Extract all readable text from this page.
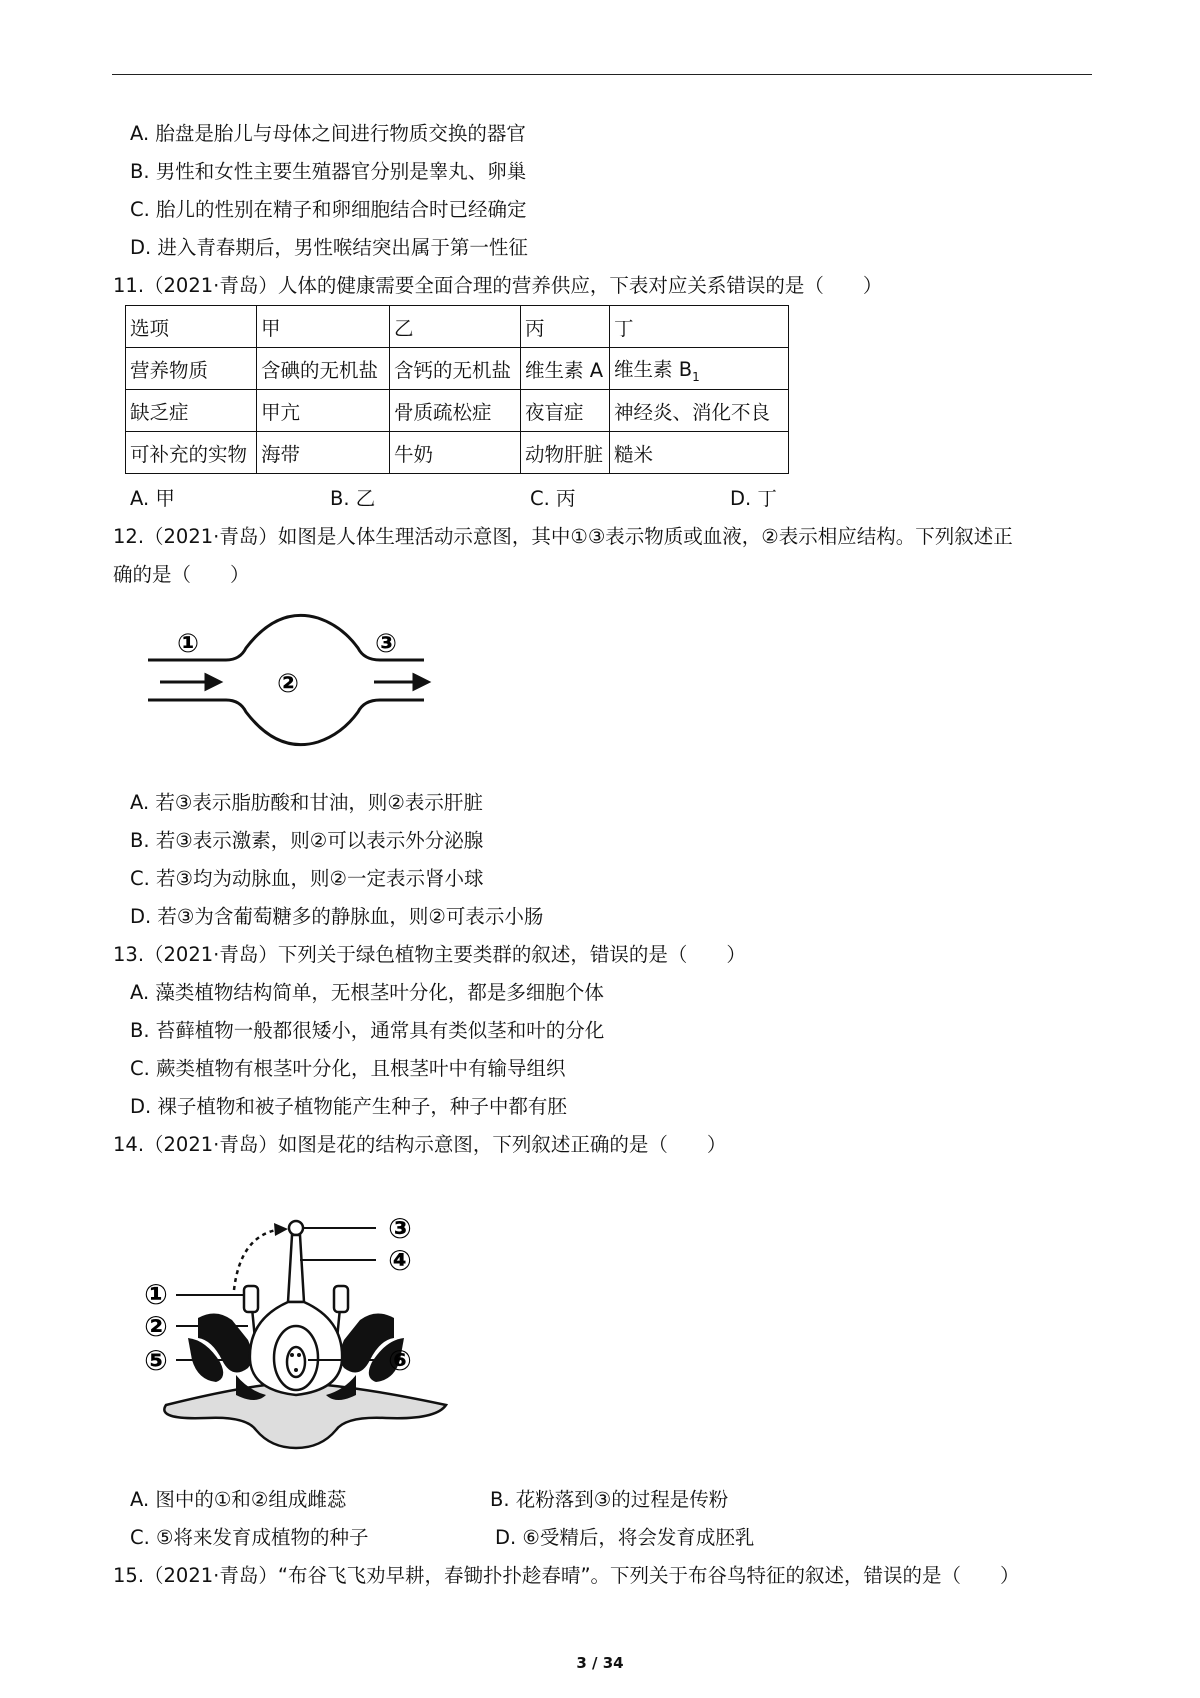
A. 胎盘是胎儿与母体之间进行物质交换的器官
B. 男性和女性主要生殖器官分别是睾丸、卵巢
C. 胎儿的性别在精子和卵细胞结合时已经确定
D. 进入青春期后，男性喉结突出属于第一性征
11.（2021·青岛）人体的健康需要全面合理的营养供应，下表对应关系错误的是（　　）
选项	甲	乙	丙	丁
营养物质	含碘的无机盐	含钙的无机盐	维生素 A	维生素 $B_1$
缺乏症	甲亢	骨质疏松症	夜盲症	神经炎、消化不良
可补充的实物	海带	牛奶	动物肝脏	糙米
A. 甲	B. 乙	C. 丙	D. 丁
12.（2021·青岛）如图是人体生理活动示意图，其中①③表示物质或血液，②表示相应结构。下列叙述正
确的是（　　）
①
②
③
A. 若③表示脂肪酸和甘油，则②表示肝脏
B. 若③表示激素，则②可以表示外分泌腺
C. 若③均为动脉血，则②一定表示肾小球
D. 若③为含葡萄糖多的静脉血，则②可表示小肠
13.（2021·青岛）下列关于绿色植物主要类群的叙述，错误的是（　　）
A. 藻类植物结构简单，无根茎叶分化，都是多细胞个体
B. 苔藓植物一般都很矮小，通常具有类似茎和叶的分化
C. 蕨类植物有根茎叶分化，且根茎叶中有输导组织
D. 裸子植物和被子植物能产生种子，种子中都有胚
14.（2021·青岛）如图是花的结构示意图，下列叙述正确的是（　　）
③
④
①
②
⑤	⑥
A. 图中的①和②组成雌蕊	B. 花粉落到③的过程是传粉
C. ⑤将来发育成植物的种子	D. ⑥受精后，将会发育成胚乳
15.（2021·青岛）“布谷飞飞劝早耕，春锄扑扑趁春晴”。下列关于布谷鸟特征的叙述，错误的是（　　）
3 / 34
